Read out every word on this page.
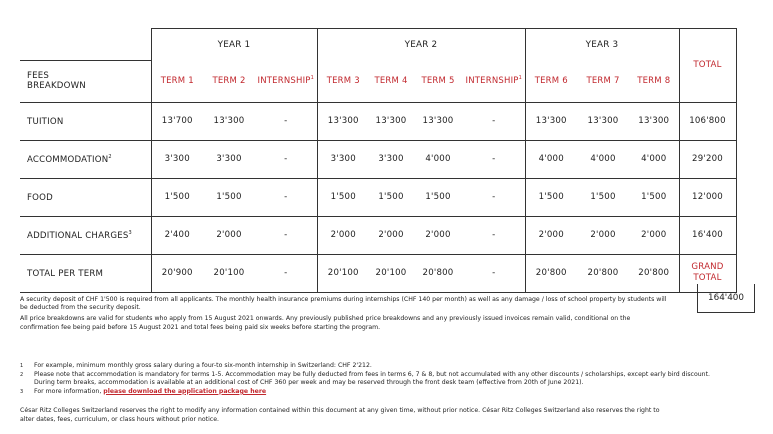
	YEAR 1			YEAR 2				YEAR 3			TOTAL
FEES
BREAKDOWN	TERM 1	TERM 2	INTERNSHIP$^1$	TERM 3	TERM 4	TERM 5	INTERNSHIP$^1$	TERM 6	TERM 7	TERM 8	
TUITION	13'700	13'300	-	13'300	13'300	13'300	-	13'300	13'300	13'300	106'800
ACCOMMODATION$^2$	3'300	3'300	-	3'300	3'300	4'000	-	4'000	4'000	4'000	29'200
FOOD	1'500	1'500	-	1'500	1'500	1'500	-	1'500	1'500	1'500	12'000
ADDITIONAL CHARGES$^3$	2'400	2'000	-	2'000	2'000	2'000	-	2'000	2'000	2'000	16'400
TOTAL PER TERM	20'900	20'100	-	20'100	20'100	20'800	-	20'800	20'800	20'800	GRAND TOTAL
164'400

A security deposit of CHF 1'500 is required from all applicants. The monthly health insurance premiums during internships (CHF 140 per month) as well as any damage / loss of school property by students will be deducted from the security deposit.

All price breakdowns are valid for students who apply from 15 August 2021 onwards. Any previously published price breakdowns and any previously issued invoices remain valid, conditional on the confirmation fee being paid before 15 August 2021 and total fees being paid six weeks before starting the program.

1 For example, minimum monthly gross salary during a four-to six-month internship in Switzerland: CHF 2'212.
2 Please note that accommodation is mandatory for terms 1-5. Accommodation may be fully deducted from fees in terms 6, 7 & 8, but not accumulated with any other discounts / scholarships, except early bird discount. During term breaks, accommodation is available at an additional cost of CHF 360 per week and may be reserved through the front desk team (effective from 20th of June 2021).
3 For more information, please download the application package here
César Ritz Colleges Switzerland reserves the right to modify any information contained within this document at any given time, without prior notice. César Ritz Colleges Switzerland also reserves the right to alter dates, fees, curriculum, or class hours without prior notice.
